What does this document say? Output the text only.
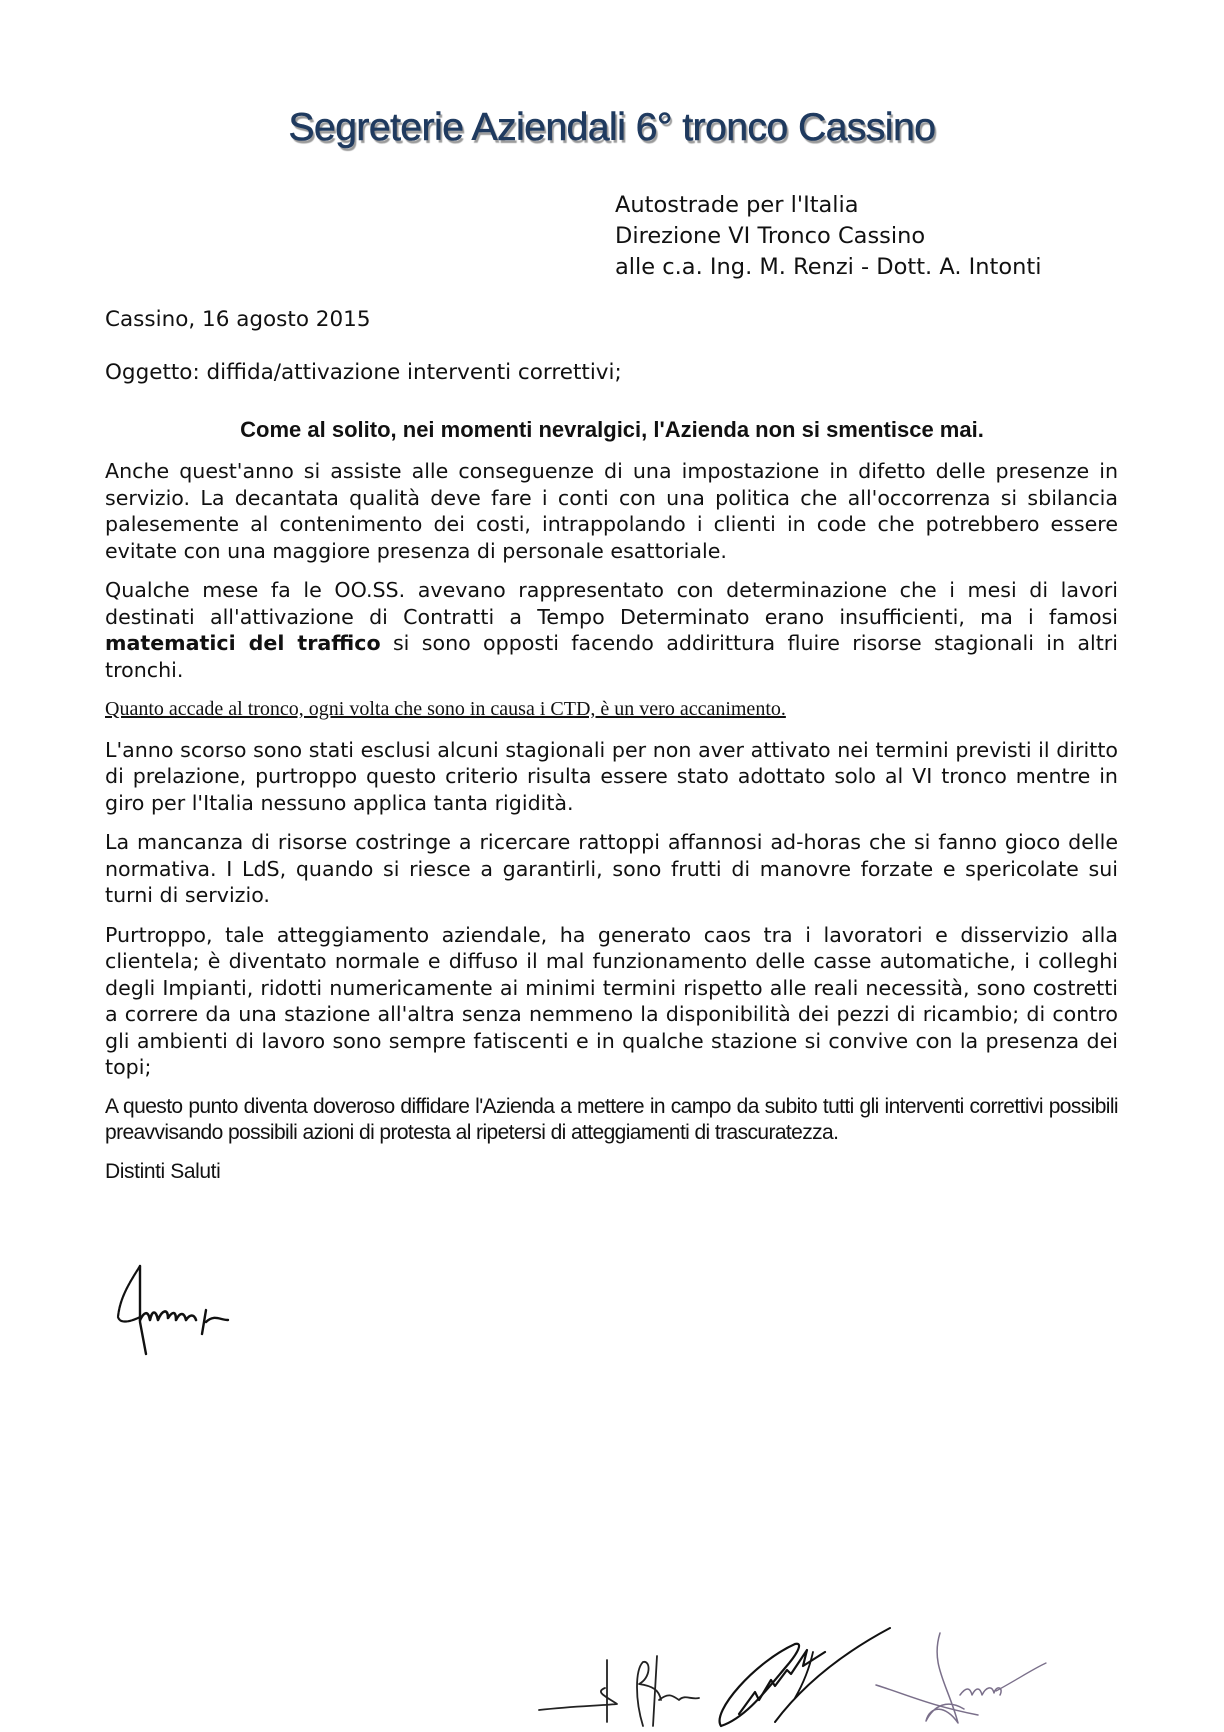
Segreterie Aziendali 6° tronco Cassino
Autostrade per l'Italia
Direzione VI Tronco Cassino
alle c.a. Ing. M. Renzi - Dott. A. Intonti
Cassino, 16 agosto 2015
Oggetto: diffida/attivazione interventi correttivi;
Come al solito, nei momenti nevralgici, l'Azienda non si smentisce mai.

Anche quest'anno si assiste alle conseguenze di una impostazione in difetto delle presenze in servizio. La decantata qualità deve fare i conti con una politica che all'occorrenza si sbilancia palesemente al contenimento dei costi, intrappolando i clienti in code che potrebbero essere evitate con una maggiore presenza di personale esattoriale.

Qualche mese fa le OO.SS. avevano rappresentato con determinazione che i mesi di lavori destinati all'attivazione di Contratti a Tempo Determinato erano insufficienti, ma i famosi matematici del traffico si sono opposti facendo addirittura fluire risorse stagionali in altri tronchi.

Quanto accade al tronco, ogni volta che sono in causa i CTD, è un vero accanimento.

L'anno scorso sono stati esclusi alcuni stagionali per non aver attivato nei termini previsti il diritto di prelazione, purtroppo questo criterio risulta essere stato adottato solo al VI tronco mentre in giro per l'Italia nessuno applica tanta rigidità.

La mancanza di risorse costringe a ricercare rattoppi affannosi ad-horas che si fanno gioco delle normativa. I LdS, quando si riesce a garantirli, sono frutti di manovre forzate e spericolate sui turni di servizio.

Purtroppo, tale atteggiamento aziendale, ha generato caos tra i lavoratori e disservizio alla clientela; è diventato normale e diffuso il mal funzionamento delle casse automatiche, i colleghi degli Impianti, ridotti numericamente ai minimi termini rispetto alle reali necessità, sono costretti a correre da una stazione all'altra senza nemmeno la disponibilità dei pezzi di ricambio; di contro gli ambienti di lavoro sono sempre fatiscenti e in qualche stazione si convive con la presenza dei topi;

A questo punto diventa doveroso diffidare l'Azienda a mettere in campo da subito tutti gli interventi correttivi possibili preavvisando possibili azioni di protesta al ripetersi di atteggiamenti di trascuratezza.

Distinti Saluti
